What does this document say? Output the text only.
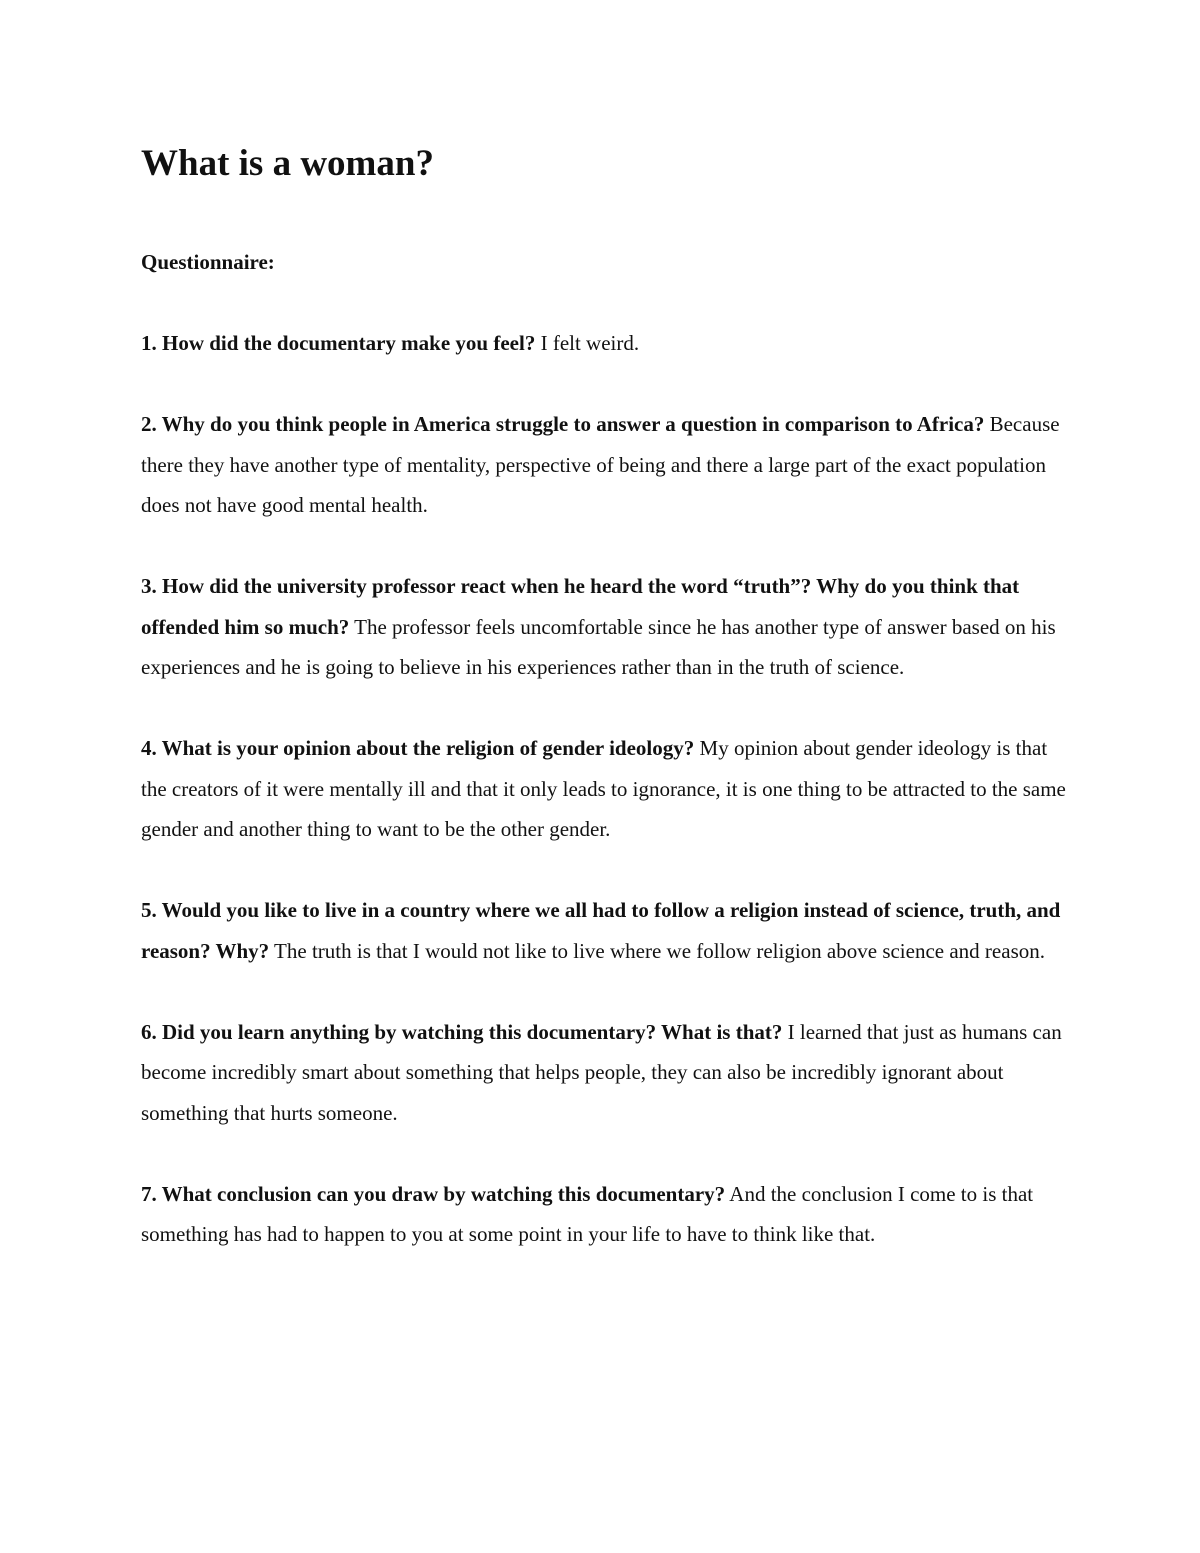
What is a woman?

Questionnaire:

1. How did the documentary make you feel? I felt weird.

2. Why do you think people in America struggle to answer a question in comparison to Africa? Because there they have another type of mentality, perspective of being and there a large part of the exact population does not have good mental health.

3. How did the university professor react when he heard the word “truth”? Why do you think that offended him so much? The professor feels uncomfortable since he has another type of answer based on his experiences and he is going to believe in his experiences rather than in the truth of science.

4. What is your opinion about the religion of gender ideology? My opinion about gender ideology is that the creators of it were mentally ill and that it only leads to ignorance, it is one thing to be attracted to the same gender and another thing to want to be the other gender.

5. Would you like to live in a country where we all had to follow a religion instead of science, truth, and reason? Why? The truth is that I would not like to live where we follow religion above science and reason.

6. Did you learn anything by watching this documentary? What is that? I learned that just as humans can become incredibly smart about something that helps people, they can also be incredibly ignorant about something that hurts someone.

7. What conclusion can you draw by watching this documentary? And the conclusion I come to is that something has had to happen to you at some point in your life to have to think like that.
